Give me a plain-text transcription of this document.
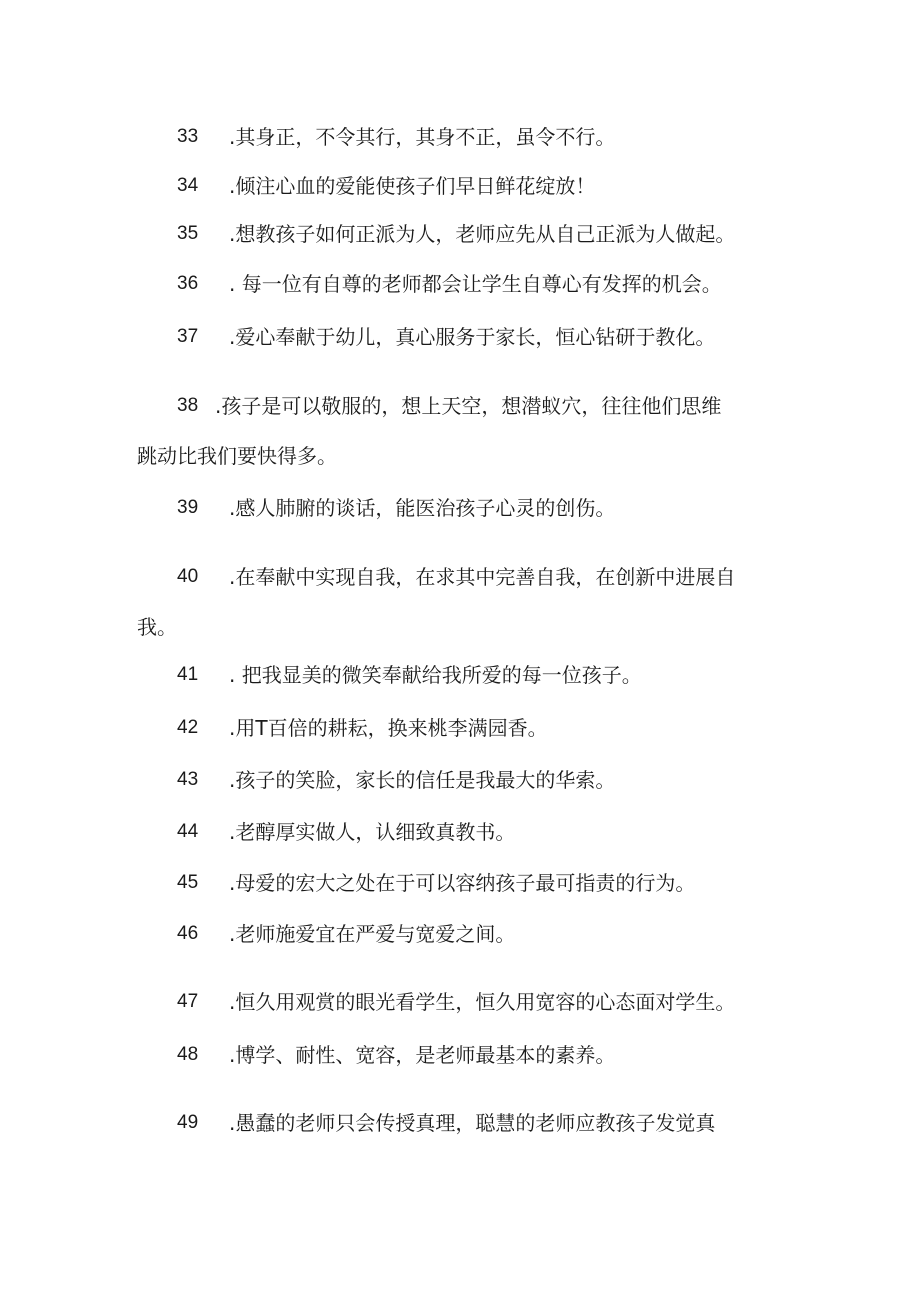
33 .其身正，不令其行，其身不正，虽令不行。
34 .倾注心血的爱能使孩子们早日鲜花绽放！
35 .想教孩子如何正派为人，老师应先从自己正派为人做起。
36 . 每一位有自尊的老师都会让学生自尊心有发挥的机会。
37 .爱心奉献于幼儿，真心服务于家长，恒心钻研于教化。
38 .孩子是可以敬服的，想上天空，想潜蚁穴，往往他们思维
跳动比我们要快得多。
39 .感人肺腑的谈话，能医治孩子心灵的创伤。
40 .在奉献中实现自我，在求其中完善自我，在创新中进展自
我。
41 . 把我显美的微笑奉献给我所爱的每一位孩子。
42 .用T百倍的耕耘，换来桃李满园香。
43 .孩子的笑脸，家长的信任是我最大的华索。
44 .老醇厚实做人，认细致真教书。
45 .母爱的宏大之处在于可以容纳孩子最可指责的行为。
46 .老师施爱宜在严爱与宽爱之间。
47 .恒久用观赏的眼光看学生，恒久用宽容的心态面对学生。
48 .博学、耐性、宽容，是老师最基本的素养。
49 .愚蠢的老师只会传授真理，聪慧的老师应教孩子发觉真
